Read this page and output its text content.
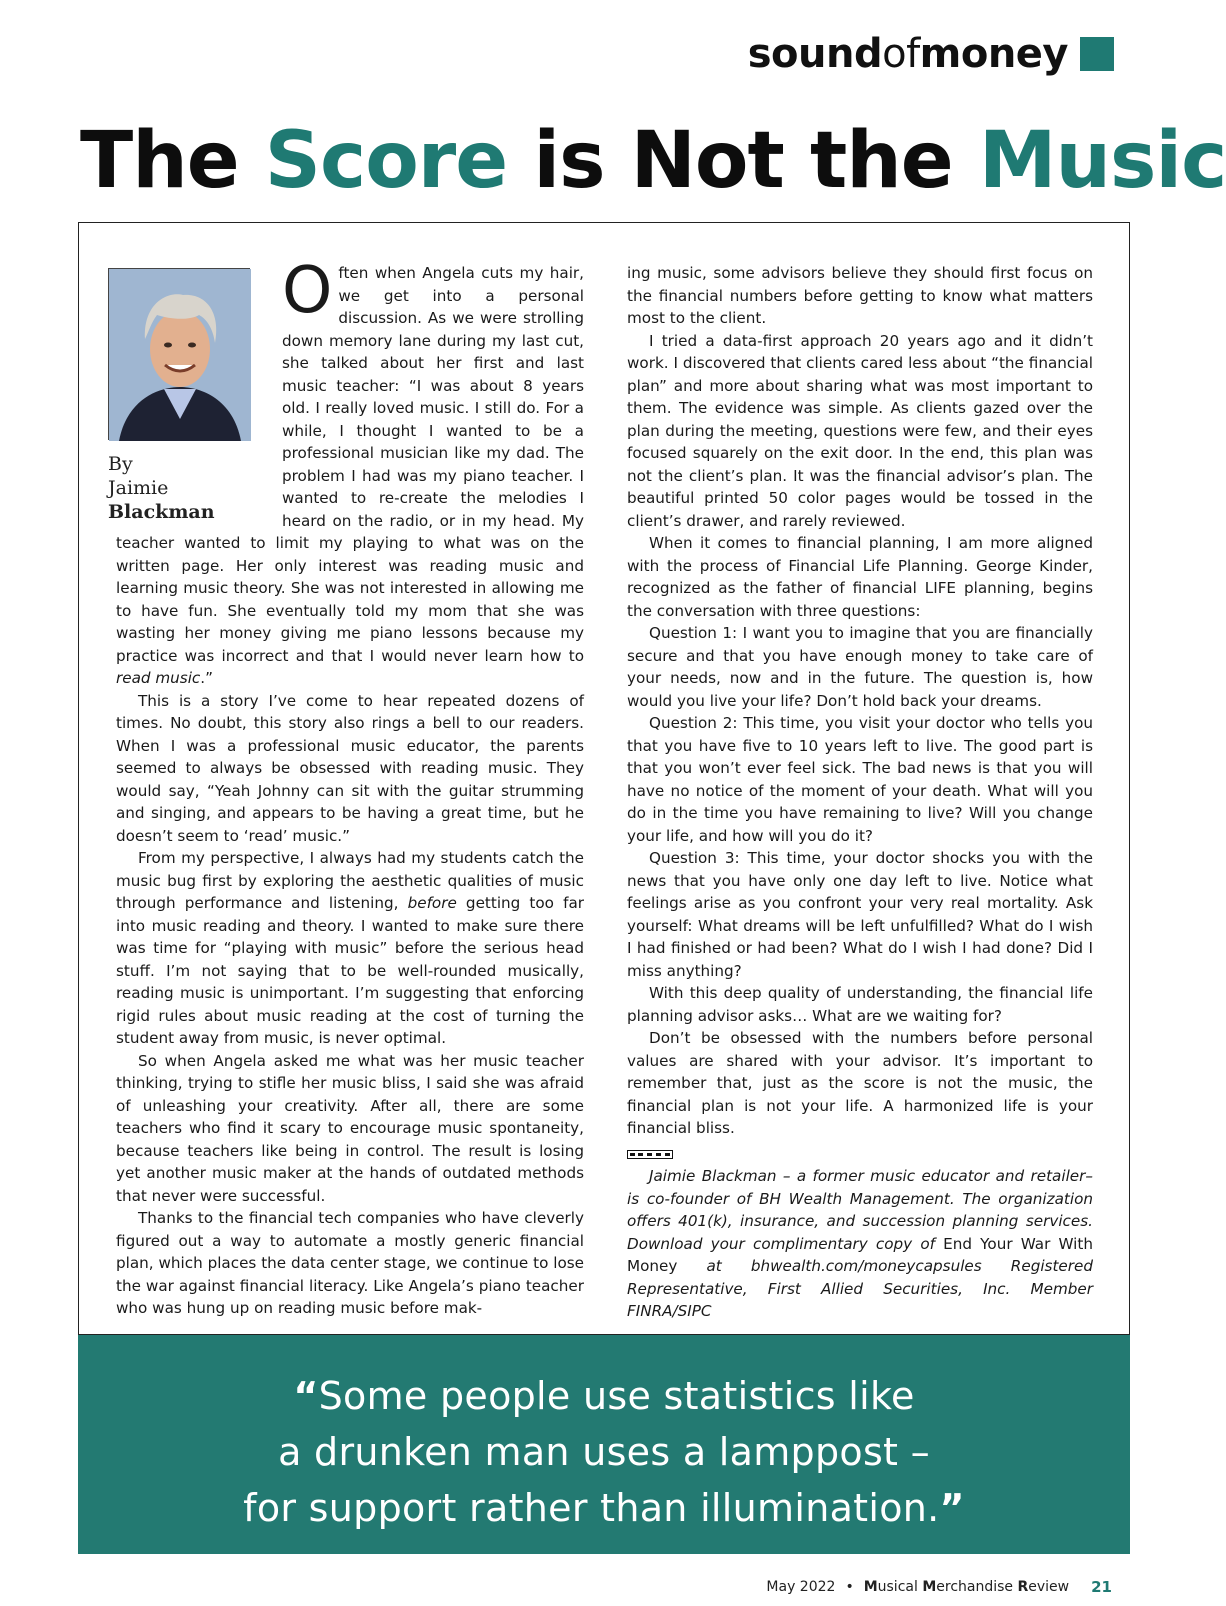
soundofmoney
The Score is Not the Music
By
Jaimie
Blackman

Often when Angela cuts my hair, we get into a personal discussion. As we were strolling down memory lane during my last cut, she talked about her first and last music teacher: “I was about 8 years old. I really loved music. I still do. For a while, I thought I wanted to be a professional musician like my dad. The problem I had was my piano teacher. I wanted to re-create the melodies I heard on the radio, or in my head. My teacher wanted to limit my playing to what was on the written page. Her only interest was reading music and learning music theory. She was not interested in allowing me to have fun. She eventually told my mom that she was wasting her money giving me piano lessons because my practice was incorrect and that I would never learn how to read music.”

This is a story I’ve come to hear repeated dozens of times. No doubt, this story also rings a bell to our readers. When I was a professional music educator, the parents seemed to always be obsessed with reading music. They would say, “Yeah Johnny can sit with the guitar strumming and singing, and appears to be having a great time, but he doesn’t seem to ‘read’ music.”

From my perspective, I always had my students catch the music bug first by exploring the aesthetic qualities of music through performance and listening, before getting too far into music reading and theory. I wanted to make sure there was time for “playing with music” before the serious head stuff. I’m not saying that to be well-rounded musically, reading music is unimportant. I’m suggesting that enforcing rigid rules about music reading at the cost of turning the student away from music, is never optimal.

So when Angela asked me what was her music teacher thinking, trying to stifle her music bliss, I said she was afraid of unleashing your creativity. After all, there are some teachers who find it scary to encourage music spontaneity, because teachers like being in control. The result is losing yet another music maker at the hands of outdated methods that never were successful.

Thanks to the financial tech companies who have cleverly figured out a way to automate a mostly generic financial plan, which places the data center stage, we continue to lose the war against financial literacy. Like Angela’s piano teacher who was hung up on reading music before mak-

ing music, some advisors believe they should first focus on the financial numbers before getting to know what matters most to the client.

I tried a data-first approach 20 years ago and it didn’t work. I discovered that clients cared less about “the financial plan” and more about sharing what was most important to them. The evidence was simple. As clients gazed over the plan during the meeting, questions were few, and their eyes focused squarely on the exit door. In the end, this plan was not the client’s plan. It was the financial advisor’s plan. The beautiful printed 50 color pages would be tossed in the client’s drawer, and rarely reviewed.

When it comes to financial planning, I am more aligned with the process of Financial Life Planning. George Kinder, recognized as the father of financial LIFE planning, begins the conversation with three questions:

Question 1: I want you to imagine that you are financially secure and that you have enough money to take care of your needs, now and in the future. The question is, how would you live your life? Don’t hold back your dreams.

Question 2: This time, you visit your doctor who tells you that you have five to 10 years left to live. The good part is that you won’t ever feel sick. The bad news is that you will have no notice of the moment of your death. What will you do in the time you have remaining to live? Will you change your life, and how will you do it?

Question 3: This time, your doctor shocks you with the news that you have only one day left to live. Notice what feelings arise as you confront your very real mortality. Ask yourself: What dreams will be left unfulfilled? What do I wish I had finished or had been? What do I wish I had done? Did I miss anything?

With this deep quality of understanding, the financial life planning advisor asks… What are we waiting for?

Don’t be obsessed with the numbers before personal values are shared with your advisor. It’s important to remember that, just as the score is not the music, the financial plan is not your life. A harmonized life is your financial bliss.

Jaimie Blackman – a former music educator and retailer– is co-founder of BH Wealth Management. The organization offers 401(k), insurance, and succession planning services. Download your complimentary copy of End Your War With Money at bhwealth.com/moneycapsules Registered Representative, First Allied Securities, Inc. Member FINRA/SIPC

“Some people use statistics like
a drunken man uses a lamppost –
for support rather than illumination.”
May 2022 • Musical Merchandise Review 21
